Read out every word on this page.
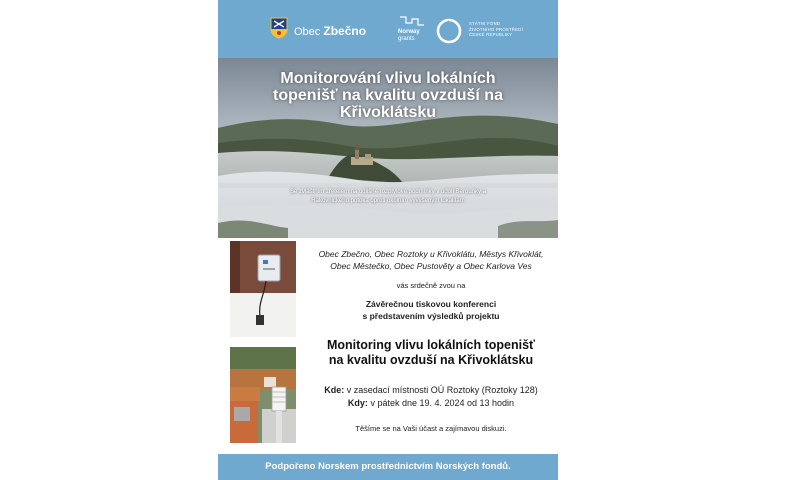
Obec Zbečno	Norway
grants
STÁTNÍ FOND
ŽIVOTNÍHO PROSTŘEDÍ
ČESKÉ REPUBLIKY
Monitorování vlivu lokálních topenišť na kvalitu ovzduší na Křivoklátsku
Se zvláštním zřetelem na odlišné rozptylové podmínky v údolí Berounky a Rakovnického potoka oproti okolním vyvýšeným lokalitám
Obec Zbečno, Obec Roztoky u Křivoklátu, Městys Křivoklát,
Obec Městečko, Obec Pustověty a Obec Karlova Ves
vás srdečně zvou na
Závěrečnou tiskovou konferenci
s představením výsledků projektu
Monitoring vlivu lokálních topenišť
na kvalitu ovzduší na Křivoklátsku
Kde: v zasedací místnosti OÚ Roztoky (Roztoky 128)
Kdy: v pátek dne 19. 4. 2024 od 13 hodin
Těšíme se na Vaši účast a zajímavou diskuzi.
Podpořeno Norskem prostřednictvím Norských fondů.
